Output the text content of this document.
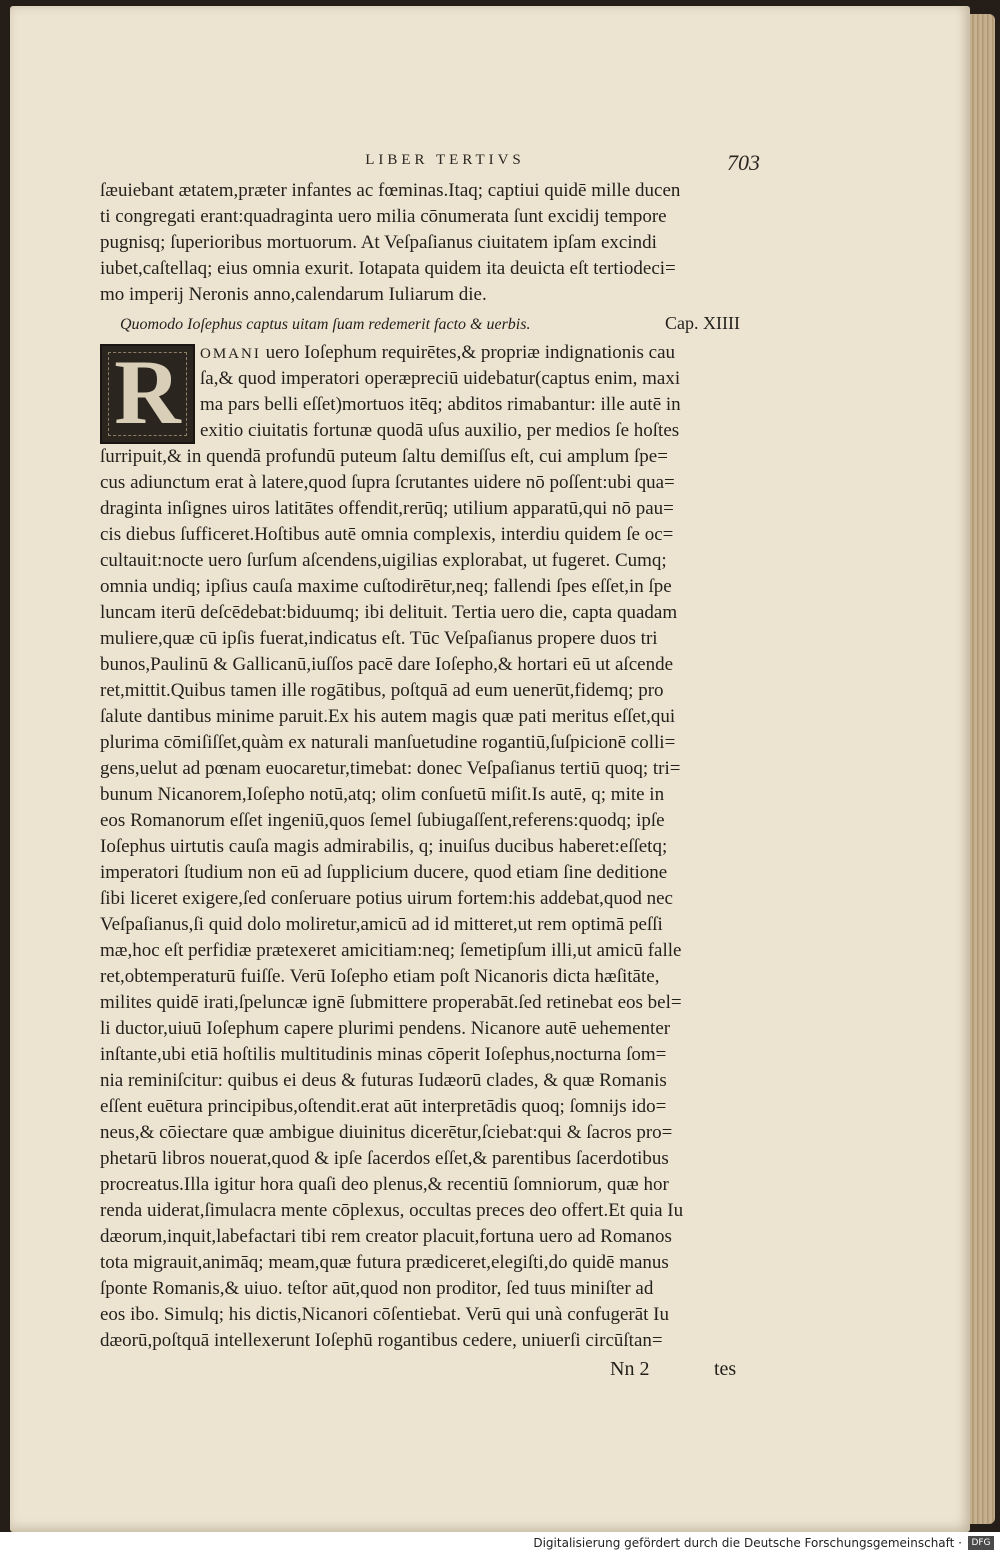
LIBER TERTIVS	703
ſæuiebant ætatem,præter infantes ac fœminas.Itaq; captiui quidē mille ducen
ti congregati erant:quadraginta uero milia cōnumerata ſunt excidij tempore
pugnisq; ſuperioribus mortuorum. At Veſpaſianus ciuitatem ipſam excindi
iubet,caſtellaq; eius omnia exurit. Iotapata quidem ita deuicta eſt tertiodeci=
mo imperij Neronis anno,calendarum Iuliarum die.
Quomodo Ioſephus captus uitam ſuam redemerit facto & uerbis.	Cap. XIIII
R	OMANI uero Ioſephum requirētes,& propriæ indignationis cau
ſa,& quod imperatori operæpreciū uidebatur(captus enim, maxi
ma pars belli eſſet)mortuos itēq; abditos rimabantur: ille autē in
exitio ciuitatis fortunæ quodā uſus auxilio, per medios ſe hoſtes
ſurripuit,& in quendā profundū puteum ſaltu demiſſus eſt, cui amplum ſpe=
cus adiunctum erat à latere,quod ſupra ſcrutantes uidere nō poſſent:ubi qua=
draginta inſignes uiros latitātes offendit,rerūq; utilium apparatū,qui nō pau=
cis diebus ſufficeret.Hoſtibus autē omnia complexis, interdiu quidem ſe oc=
cultauit:nocte uero ſurſum aſcendens,uigilias explorabat, ut fugeret. Cumq;
omnia undiq; ipſius cauſa maxime cuſtodirētur,neq; fallendi ſpes eſſet,in ſpe
luncam iterū deſcēdebat:biduumq; ibi delituit. Tertia uero die, capta quadam
muliere,quæ cū ipſis fuerat,indicatus eſt. Tūc Veſpaſianus propere duos tri
bunos,Paulinū & Gallicanū,iuſſos pacē dare Ioſepho,& hortari eū ut aſcende
ret,mittit.Quibus tamen ille rogātibus, poſtquā ad eum uenerūt,fidemq; pro
ſalute dantibus minime paruit.Ex his autem magis quæ pati meritus eſſet,qui
plurima cōmiſiſſet,quàm ex naturali manſuetudine rogantiū,ſuſpicionē colli=
gens,uelut ad pœnam euocaretur,timebat: donec Veſpaſianus tertiū quoq; tri=
bunum Nicanorem,Ioſepho notū,atq; olim conſuetū miſit.Is autē, q; mite in
eos Romanorum eſſet ingeniū,quos ſemel ſubiugaſſent,referens:quodq; ipſe
Ioſephus uirtutis cauſa magis admirabilis, q; inuiſus ducibus haberet:eſſetq;
imperatori ſtudium non eū ad ſupplicium ducere, quod etiam ſine deditione
ſibi liceret exigere,ſed conſeruare potius uirum fortem:his addebat,quod nec
Veſpaſianus,ſi quid dolo moliretur,amicū ad id mitteret,ut rem optimā peſſi
mæ,hoc eſt perfidiæ prætexeret amicitiam:neq; ſemetipſum illi,ut amicū falle
ret,obtemperaturū fuiſſe. Verū Ioſepho etiam poſt Nicanoris dicta hæſitāte,
milites quidē irati,ſpeluncæ ignē ſubmittere properabāt.ſed retinebat eos bel=
li ductor,uiuū Ioſephum capere plurimi pendens. Nicanore autē uehementer
inſtante,ubi etiā hoſtilis multitudinis minas cōperit Ioſephus,nocturna ſom=
nia reminiſcitur: quibus ei deus & futuras Iudæorū clades, & quæ Romanis
eſſent euētura principibus,oſtendit.erat aūt interpretādis quoq; ſomnijs ido=
neus,& cōiectare quæ ambigue diuinitus dicerētur,ſciebat:qui & ſacros pro=
phetarū libros nouerat,quod & ipſe ſacerdos eſſet,& parentibus ſacerdotibus
procreatus.Illa igitur hora quaſi deo plenus,& recentiū ſomniorum, quæ hor
renda uiderat,ſimulacra mente cōplexus, occultas preces deo offert.Et quia Iu
dæorum,inquit,labefactari tibi rem creator placuit,fortuna uero ad Romanos
tota migrauit,animāq; meam,quæ futura prædiceret,elegiſti,do quidē manus
ſponte Romanis,& uiuo. teſtor aūt,quod non proditor, ſed tuus miniſter ad
eos ibo. Simulq; his dictis,Nicanori cōſentiebat. Verū qui unà confugerāt Iu
dæorū,poſtquā intellexerunt Ioſephū rogantibus cedere, uniuerſi circūſtan=
Nn 2	tes
Digitalisierung gefördert durch die Deutsche Forschungsgemeinschaft ·	DFG
